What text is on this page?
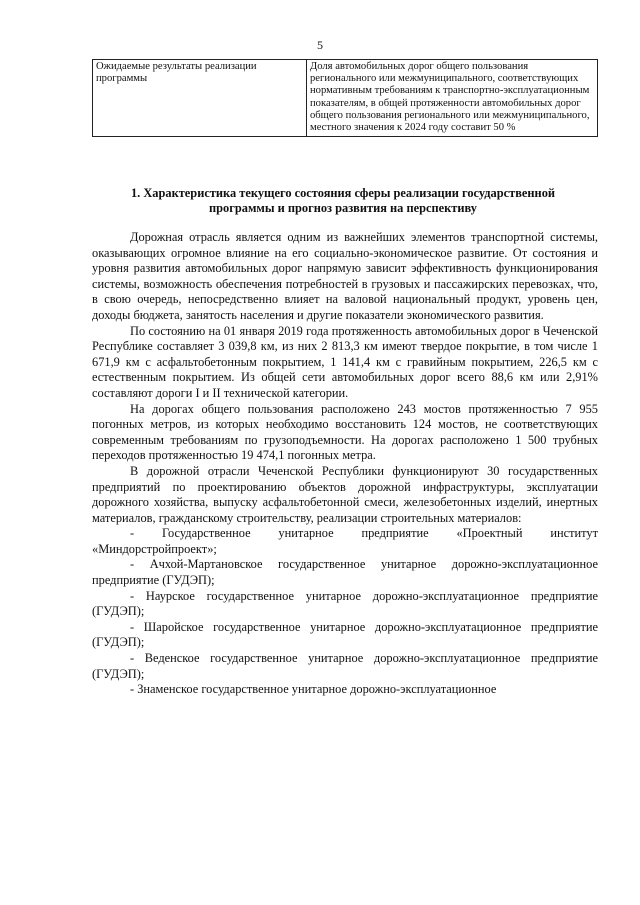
5
Ожидаемые результаты реализации программы	Доля автомобильных дорог общего пользования регионального или межмуниципального, соответствующих нормативным требованиям к транспортно-эксплуатационным показателям, в общей протяженности автомобильных дорог общего пользования регионального или межмуниципального, местного значения к 2024 году составит 50 %
1. Характеристика текущего состояния сферы реализации государственной программы и прогноз развития на перспективу

Дорожная отрасль является одним из важнейших элементов транспортной системы, оказывающих огромное влияние на его социально-экономическое развитие. От состояния и уровня развития автомобильных дорог напрямую зависит эффективность функционирования системы, возможность обеспечения потребностей в грузовых и пассажирских перевозках, что, в свою очередь, непосредственно влияет на валовой национальный продукт, уровень цен, доходы бюджета, занятость населения и другие показатели экономического развития.

По состоянию на 01 января 2019 года протяженность автомобильных дорог в Чеченской Республике составляет 3 039,8 км, из них 2 813,3 км имеют твердое покрытие, в том числе 1 671,9 км с асфальтобетонным покрытием, 1 141,4 км с гравийным покрытием, 226,5 км с естественным покрытием. Из общей сети автомобильных дорог всего 88,6 км или 2,91% составляют дороги I и II технической категории.

На дорогах общего пользования расположено 243 мостов протяженностью 7 955 погонных метров, из которых необходимо восстановить 124 мостов, не соответствующих современным требованиям по грузоподъемности. На дорогах расположено 1 500 трубных переходов протяженностью 19 474,1 погонных метра.

В дорожной отрасли Чеченской Республики функционируют 30 государственных предприятий по проектированию объектов дорожной инфраструктуры, эксплуатации дорожного хозяйства, выпуску асфальтобетонной смеси, железобетонных изделий, инертных материалов, гражданскому строительству, реализации строительных материалов:

- Государственное унитарное предприятие «Проектный институт «Миндорстройпроект»;

- Ачхой-Мартановское государственное унитарное дорожно-эксплуатационное предприятие (ГУДЭП);

- Наурское государственное унитарное дорожно-эксплуатационное предприятие (ГУДЭП);

- Шаройское государственное унитарное дорожно-эксплуатационное предприятие (ГУДЭП);

- Веденское государственное унитарное дорожно-эксплуатационное предприятие (ГУДЭП);

- Знаменское государственное унитарное дорожно-эксплуатационное
